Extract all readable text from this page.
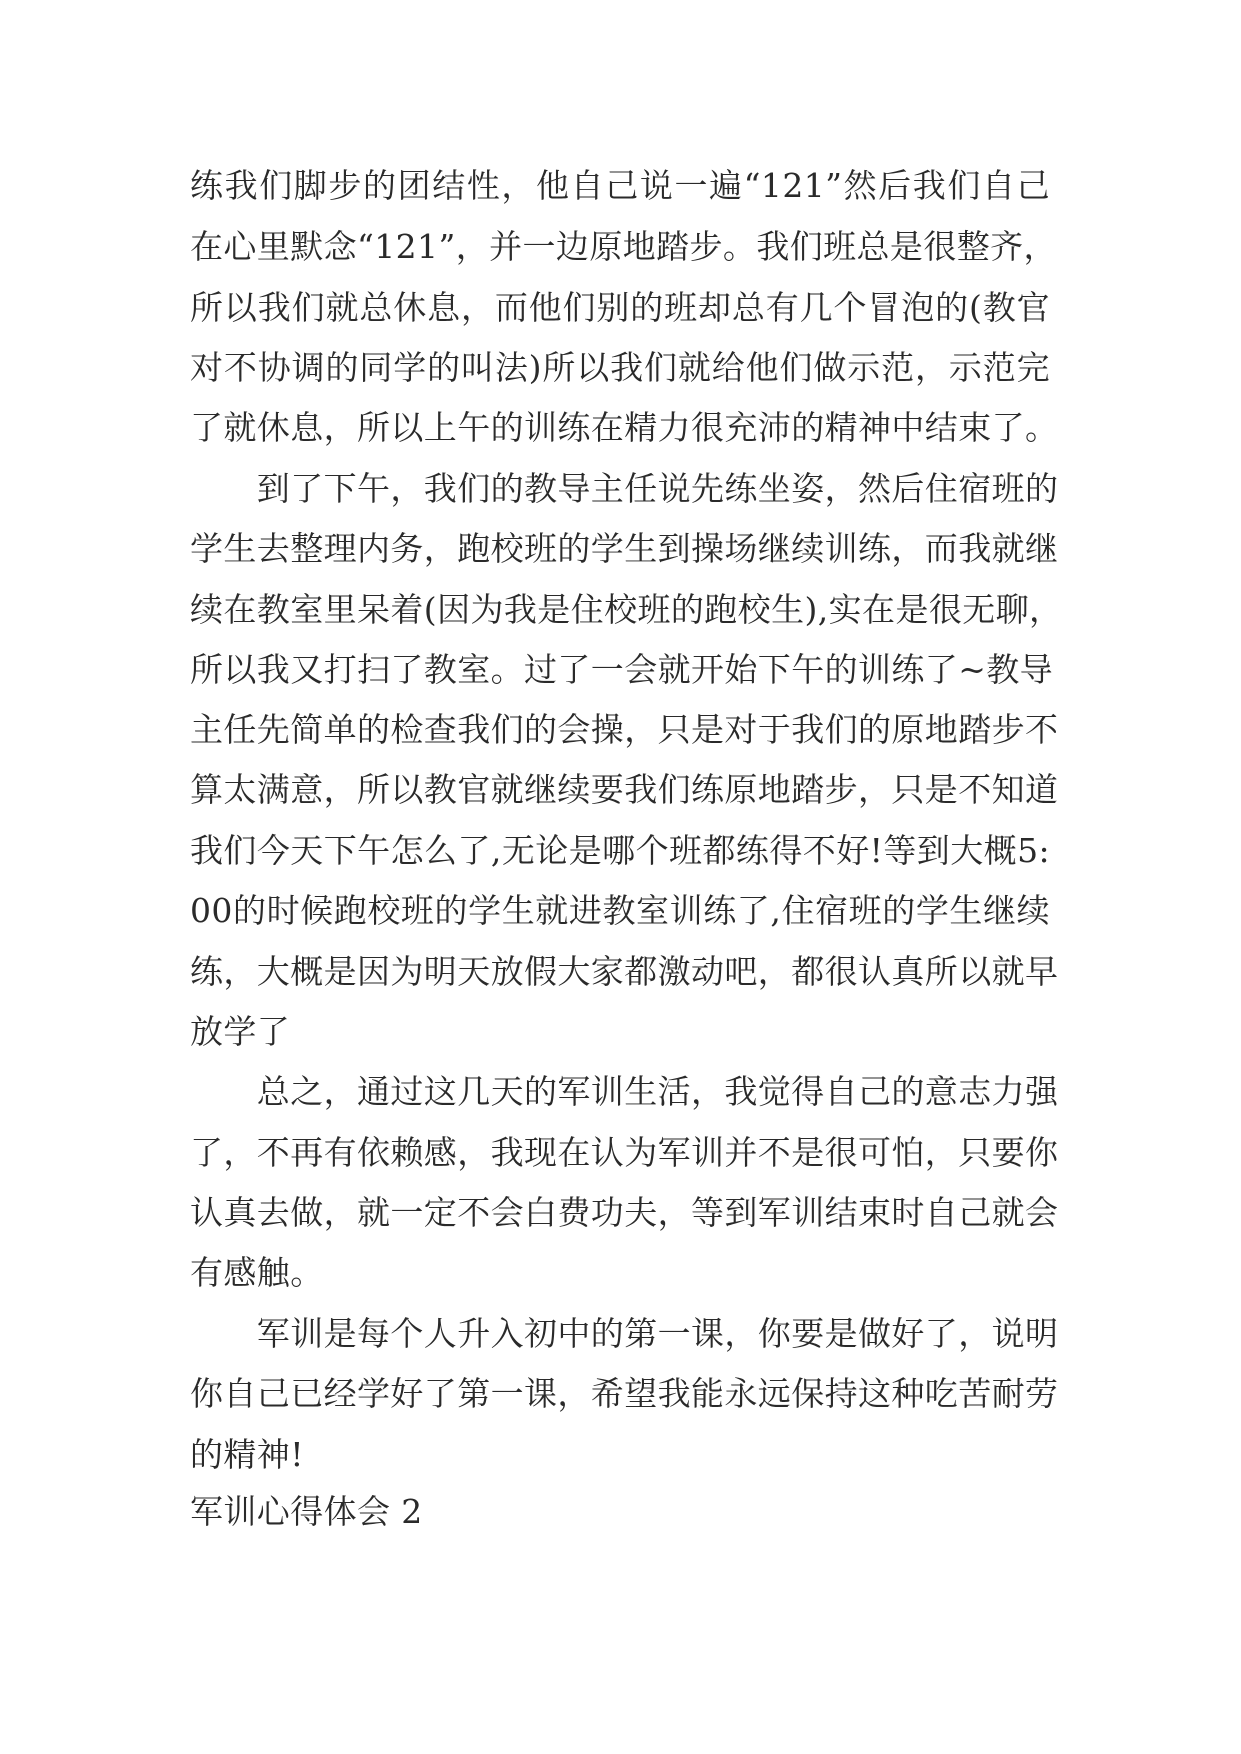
练我们脚步的团结性，他自己说一遍“121”然后我们自己
在心里默念“121”，并一边原地踏步。我们班总是很整齐，
所以我们就总休息，而他们别的班却总有几个冒泡的(教官
对不协调的同学的叫法)所以我们就给他们做示范，示范完
了就休息，所以上午的训练在精力很充沛的精神中结束了。
　　到了下午，我们的教导主任说先练坐姿，然后住宿班的
学生去整理内务，跑校班的学生到操场继续训练，而我就继
续在教室里呆着(因为我是住校班的跑校生),实在是很无聊，
所以我又打扫了教室。过了一会就开始下午的训练了~教导
主任先简单的检查我们的会操，只是对于我们的原地踏步不
算太满意，所以教官就继续要我们练原地踏步，只是不知道
我们今天下午怎么了,无论是哪个班都练得不好!等到大概5:
00的时候跑校班的学生就进教室训练了,住宿班的学生继续
练，大概是因为明天放假大家都激动吧，都很认真所以就早
放学了
　　总之，通过这几天的军训生活，我觉得自己的意志力强
了，不再有依赖感，我现在认为军训并不是很可怕，只要你
认真去做，就一定不会白费功夫，等到军训结束时自己就会
有感触。
　　军训是每个人升入初中的第一课，你要是做好了，说明
你自己已经学好了第一课，希望我能永远保持这种吃苦耐劳
的精神!
军训心得体会 2
